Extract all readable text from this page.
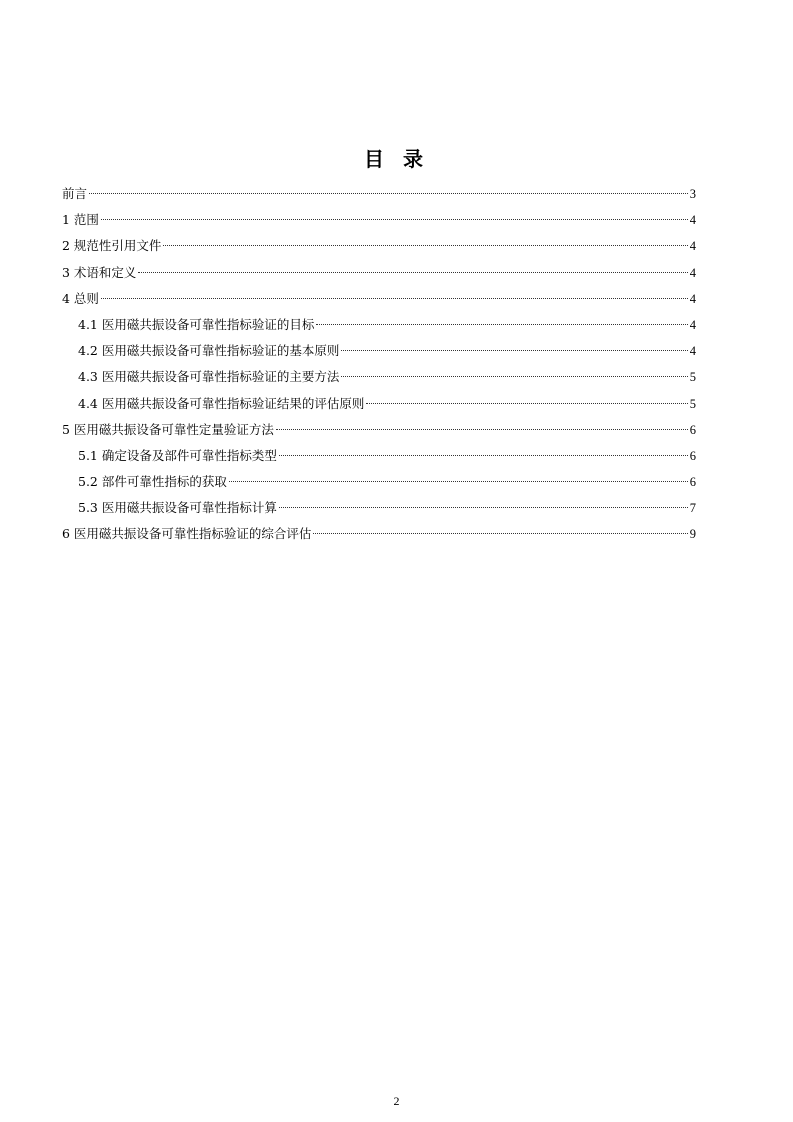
目 录
前言	3
1 范围	4
2 规范性引用文件	4
3 术语和定义	4
4 总则	4
4.1 医用磁共振设备可靠性指标验证的目标	4
4.2 医用磁共振设备可靠性指标验证的基本原则	4
4.3 医用磁共振设备可靠性指标验证的主要方法	5
4.4 医用磁共振设备可靠性指标验证结果的评估原则	5
5 医用磁共振设备可靠性定量验证方法	6
5.1 确定设备及部件可靠性指标类型	6
5.2 部件可靠性指标的获取	6
5.3 医用磁共振设备可靠性指标计算	7
6 医用磁共振设备可靠性指标验证的综合评估	9
2
